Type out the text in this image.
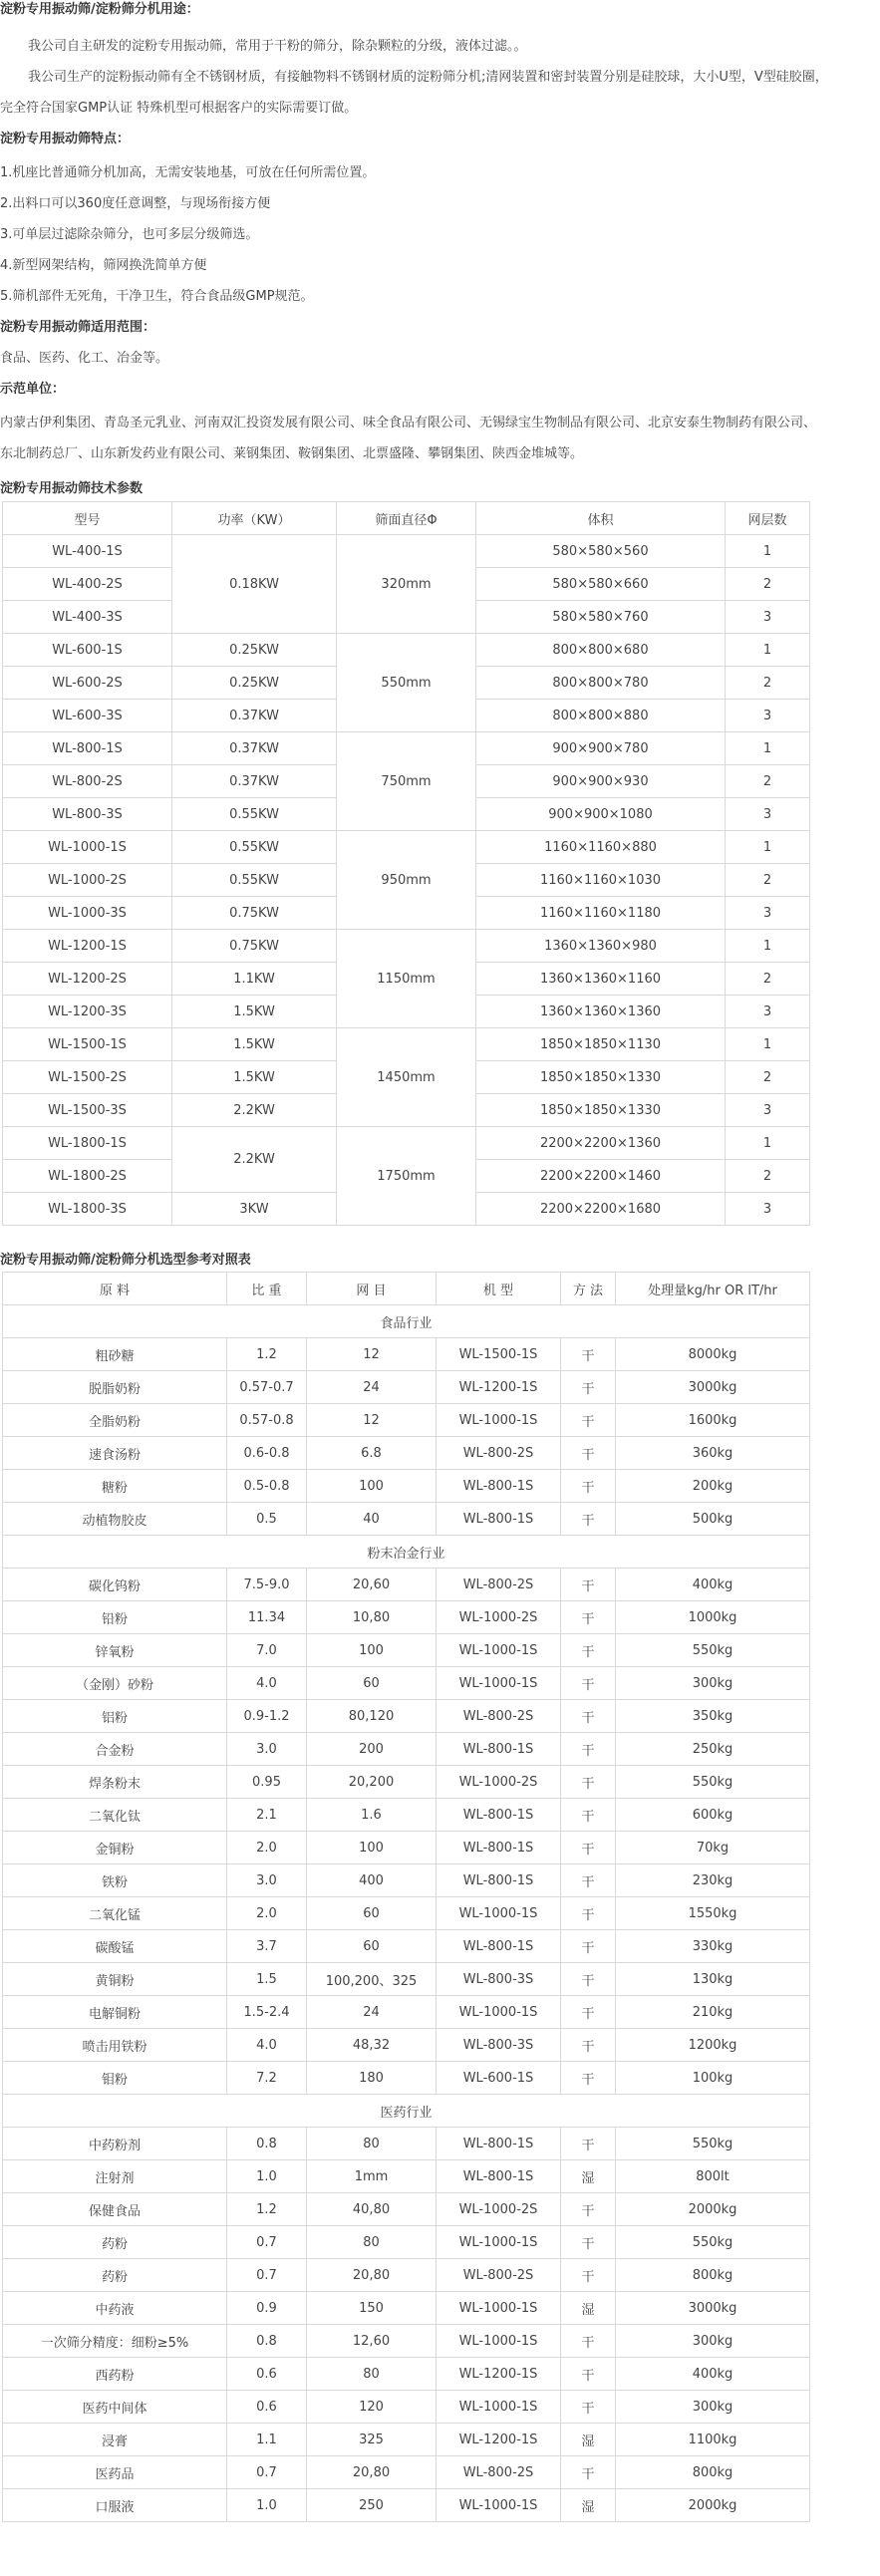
淀粉专用振动筛/淀粉筛分机用途：
我公司自主研发的淀粉专用振动筛，常用于干粉的筛分，除杂颗粒的分级，液体过滤。。
我公司生产的淀粉振动筛有全不锈钢材质，有接触物料不锈钢材质的淀粉筛分机;清网装置和密封装置分别是硅胶球，大小U型，V型硅胶圈，
完全符合国家GMP认证 特殊机型可根据客户的实际需要订做。
淀粉专用振动筛特点：
1.机座比普通筛分机加高，无需安装地基，可放在任何所需位置。
2.出料口可以360度任意调整，与现场衔接方便
3.可单层过滤除杂筛分，也可多层分级筛选。
4.新型网架结构，筛网换洗简单方便
5.筛机部件无死角，干净卫生，符合食品级GMP规范。
淀粉专用振动筛适用范围：
食品、医药、化工、冶金等。
示范单位：
内蒙古伊利集团、青岛圣元乳业、河南双汇投资发展有限公司、味全食品有限公司、无锡绿宝生物制品有限公司、北京安泰生物制药有限公司、
东北制药总厂、山东新发药业有限公司、莱钢集团、鞍钢集团、北票盛隆、攀钢集团、陕西金堆城等。
淀粉专用振动筛技术参数
型号	功率（KW）	筛面直径Φ	体积	网层数
WL-400-1S	0.18KW	320mm	580×580×560	1
WL-400-2S			580×580×660	2
WL-400-3S			580×580×760	3
WL-600-1S	0.25KW	550mm	800×800×680	1
WL-600-2S	0.25KW		800×800×780	2
WL-600-3S	0.37KW		800×800×880	3
WL-800-1S	0.37KW	750mm	900×900×780	1
WL-800-2S	0.37KW		900×900×930	2
WL-800-3S	0.55KW		900×900×1080	3
WL-1000-1S	0.55KW	950mm	1160×1160×880	1
WL-1000-2S	0.55KW		1160×1160×1030	2
WL-1000-3S	0.75KW		1160×1160×1180	3
WL-1200-1S	0.75KW	1150mm	1360×1360×980	1
WL-1200-2S	1.1KW		1360×1360×1160	2
WL-1200-3S	1.5KW		1360×1360×1360	3
WL-1500-1S	1.5KW	1450mm	1850×1850×1130	1
WL-1500-2S	1.5KW		1850×1850×1330	2
WL-1500-3S	2.2KW		1850×1850×1330	3
WL-1800-1S	2.2KW	1750mm	2200×2200×1360	1
WL-1800-2S			2200×2200×1460	2
WL-1800-3S	3KW		2200×2200×1680	3
淀粉专用振动筛/淀粉筛分机选型参考对照表
原 料	比 重	网 目	机 型	方 法	处理量kg/hr OR lT/hr
食品行业					
粗砂糖	1.2	12	WL-1500-1S	干	8000kg
脱脂奶粉	0.57-0.7	24	WL-1200-1S	干	3000kg
全脂奶粉	0.57-0.8	12	WL-1000-1S	干	1600kg
速食汤粉	0.6-0.8	6.8	WL-800-2S	干	360kg
糖粉	0.5-0.8	100	WL-800-1S	干	200kg
动植物胶皮	0.5	40	WL-800-1S	干	500kg
粉末冶金行业					
碳化钨粉	7.5-9.0	20,60	WL-800-2S	干	400kg
铅粉	11.34	10,80	WL-1000-2S	干	1000kg
锌氧粉	7.0	100	WL-1000-1S	干	550kg
（金刚）砂粉	4.0	60	WL-1000-1S	干	300kg
铝粉	0.9-1.2	80,120	WL-800-2S	干	350kg
合金粉	3.0	200	WL-800-1S	干	250kg
焊条粉末	0.95	20,200	WL-1000-2S	干	550kg
二氧化钛	2.1	1.6	WL-800-1S	干	600kg
金铜粉	2.0	100	WL-800-1S	干	70kg
铁粉	3.0	400	WL-800-1S	干	230kg
二氧化锰	2.0	60	WL-1000-1S	干	1550kg
碳酸锰	3.7	60	WL-800-1S	干	330kg
黄铜粉	1.5	100,200、325	WL-800-3S	干	130kg
电解铜粉	1.5-2.4	24	WL-1000-1S	干	210kg
喷击用铁粉	4.0	48,32	WL-800-3S	干	1200kg
钼粉	7.2	180	WL-600-1S	干	100kg
医药行业					
中药粉剂	0.8	80	WL-800-1S	干	550kg
注射剂	1.0	1mm	WL-800-1S	湿	800lt
保健食品	1.2	40,80	WL-1000-2S	干	2000kg
药粉	0.7	80	WL-1000-1S	干	550kg
药粉	0.7	20,80	WL-800-2S	干	800kg
中药液	0.9	150	WL-1000-1S	湿	3000kg
一次筛分精度：细粉≥5%	0.8	12,60	WL-1000-1S	干	300kg
西药粉	0.6	80	WL-1200-1S	干	400kg
医药中间体	0.6	120	WL-1000-1S	干	300kg
浸膏	1.1	325	WL-1200-1S	湿	1100kg
医药品	0.7	20,80	WL-800-2S	干	800kg
口服液	1.0	250	WL-1000-1S	湿	2000kg
